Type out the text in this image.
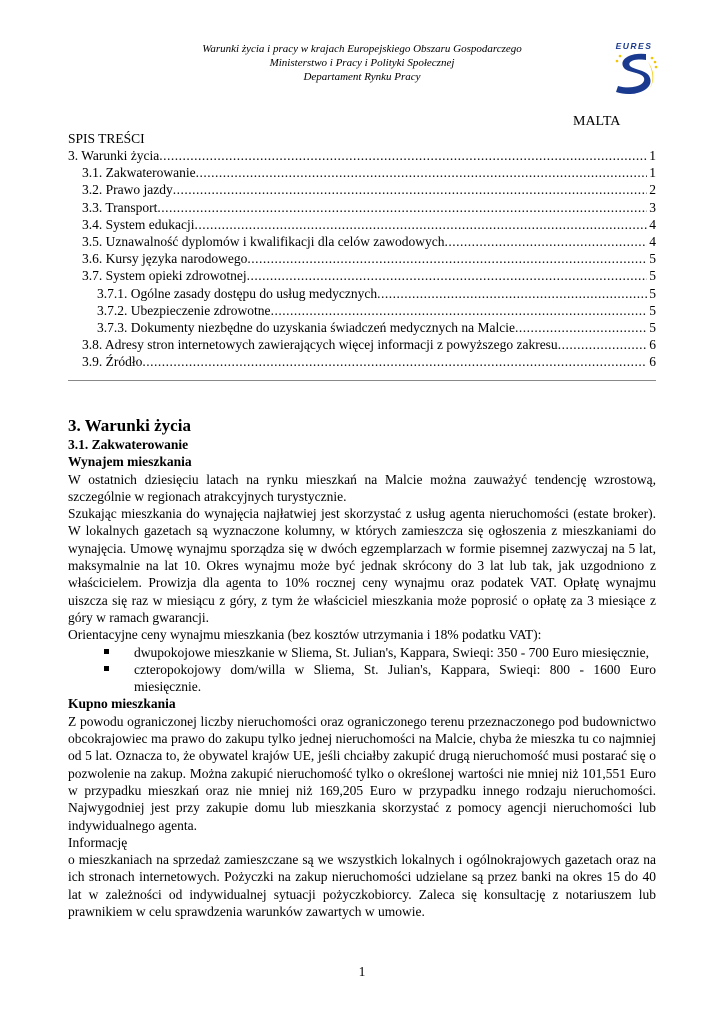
Warunki życia i pracy w krajach Europejskiego Obszaru Gospodarczego
Ministerstwo i Pracy i Polityki Społecznej
Departament Rynku Pracy
EURES
MALTA
SPIS TREŚCI
3. Warunki życia .....	1
3.1. Zakwaterowanie .....	1
3.2. Prawo jazdy .....	2
3.3. Transport .....	3
3.4. System edukacji .....	4
3.5. Uznawalność dyplomów i kwalifikacji dla celów zawodowych .....	4
3.6. Kursy języka narodowego .....	5
3.7. System opieki zdrowotnej .....	5
3.7.1. Ogólne zasady dostępu do usług medycznych .....	5
3.7.2. Ubezpieczenie zdrowotne .....	5
3.7.3. Dokumenty niezbędne do uzyskania świadczeń medycznych na Malcie .....	5
3.8. Adresy stron internetowych zawierających więcej informacji z powyższego zakresu .....	6
3.9. Źródło .....	6
3. Warunki życia
3.1. Zakwaterowanie
Wynajem mieszkania

W ostatnich dziesięciu latach na rynku mieszkań na Malcie można zauważyć tendencję wzrostową, szczególnie w regionach atrakcyjnych turystycznie.

Szukając mieszkania do wynajęcia najłatwiej jest skorzystać z usług agenta nieruchomości (estate broker). W lokalnych gazetach są wyznaczone kolumny, w których zamieszcza się ogłoszenia z mieszkaniami do wynajęcia. Umowę wynajmu sporządza się w dwóch egzemplarzach w formie pisemnej zazwyczaj na 5 lat, maksymalnie na lat 10. Okres wynajmu może być jednak skrócony do 3 lat lub tak, jak uzgodniono z właścicielem. Prowizja dla agenta to 10% rocznej ceny wynajmu oraz podatek VAT. Opłatę wynajmu uiszcza się raz w miesiącu z góry, z tym że właściciel mieszkania może poprosić o opłatę za 3 miesiące z góry w ramach gwarancji.

Orientacyjne ceny wynajmu mieszkania (bez kosztów utrzymania i 18% podatku VAT):

dwupokojowe mieszkanie w Sliema, St. Julian's, Kappara, Swieqi: 350 - 700 Euro miesięcznie,
czteropokojowy dom/willa w Sliema, St. Julian's, Kappara, Swieqi: 800 - 1600 Euro miesięcznie.
Kupno mieszkania

Z powodu ograniczonej liczby nieruchomości oraz ograniczonego terenu przeznaczonego pod budownictwo obcokrajowiec ma prawo do zakupu tylko jednej nieruchomości na Malcie, chyba że mieszka tu co najmniej od 5 lat. Oznacza to, że obywatel krajów UE, jeśli chciałby zakupić drugą nieruchomość musi postarać się o pozwolenie na zakup. Można zakupić nieruchomość tylko o określonej wartości nie mniej niż 101,551 Euro w przypadku mieszkań oraz nie mniej niż 169,205 Euro w przypadku innego rodzaju nieruchomości. Najwygodniej jest przy zakupie domu lub mieszkania skorzystać z pomocy agencji nieruchomości lub indywidualnego agenta.

Informację

o mieszkaniach na sprzedaż zamieszczane są we wszystkich lokalnych i ogólnokrajowych gazetach oraz na ich stronach internetowych. Pożyczki na zakup nieruchomości udzielane są przez banki na okres 15 do 40 lat w zależności od indywidualnej sytuacji pożyczkobiorcy. Zaleca się konsultację z notariuszem lub prawnikiem w celu sprawdzenia warunków zawartych w umowie.

1
